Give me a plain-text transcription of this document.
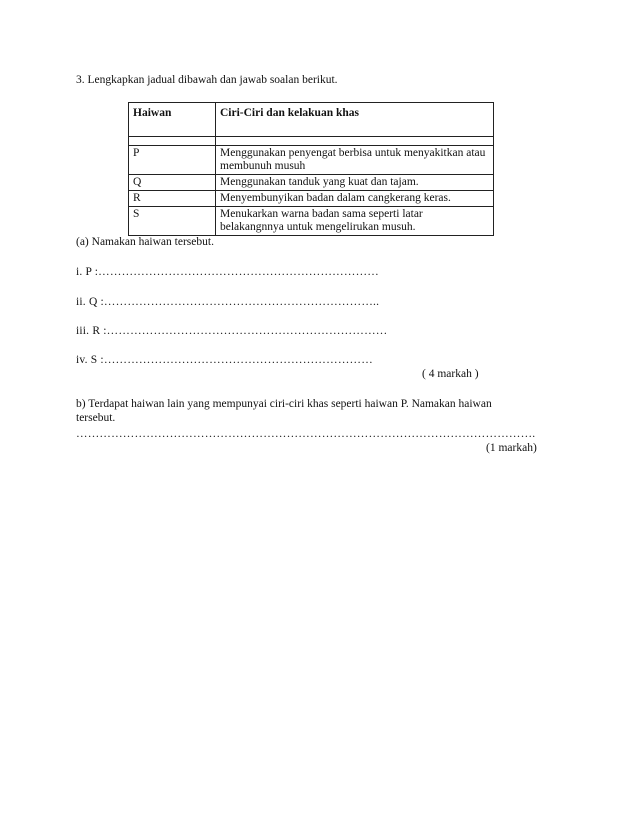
3. Lengkapkan jadual dibawah dan jawab soalan berikut.
Haiwan	Ciri-Ciri dan kelakuan khas

P	Menggunakan penyengat berbisa untuk menyakitkan atau membunuh musuh
Q	Menggunakan tanduk yang kuat dan tajam.
R	Menyembunyikan badan dalam cangkerang keras.
S	Menukarkan warna badan sama seperti latar belakangnnya untuk mengelirukan musuh.
(a) Namakan haiwan tersebut.
i. P :………………………………………………………………
ii. Q :……………………………………………………………..
iii. R :………………………………………………………………
iv. S :……………………………………………………………
( 4 markah )
b) Terdapat haiwan lain yang mempunyai ciri-ciri khas seperti haiwan P. Namakan haiwan
tersebut.
……………………………………………………………………………………………………….
(1 markah)
